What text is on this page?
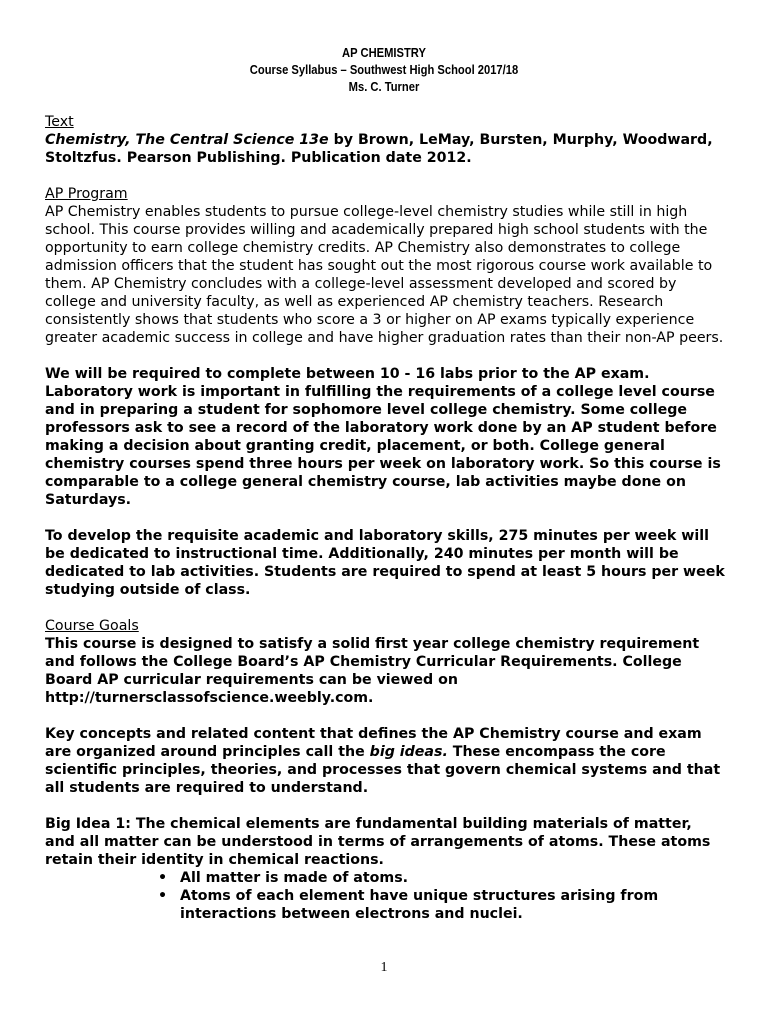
AP CHEMISTRY
Course Syllabus – Southwest High School 2017/18
Ms. C. Turner

Text

Chemistry, The Central Science 13e by Brown, LeMay, Bursten, Murphy, Woodward, Stoltzfus. Pearson Publishing. Publication date 2012.

AP Program

AP Chemistry enables students to pursue college-level chemistry studies while still in high school. This course provides willing and academically prepared high school students with the opportunity to earn college chemistry credits. AP Chemistry also demonstrates to college admission officers that the student has sought out the most rigorous course work available to them. AP Chemistry concludes with a college-level assessment developed and scored by college and university faculty, as well as experienced AP chemistry teachers. Research consistently shows that students who score a 3 or higher on AP exams typically experience greater academic success in college and have higher graduation rates than their non-AP peers.

We will be required to complete between 10 - 16 labs prior to the AP exam. Laboratory work is important in fulfilling the requirements of a college level course and in preparing a student for sophomore level college chemistry. Some college professors ask to see a record of the laboratory work done by an AP student before making a decision about granting credit, placement, or both. College general chemistry courses spend three hours per week on laboratory work. So this course is comparable to a college general chemistry course, lab activities maybe done on Saturdays.

To develop the requisite academic and laboratory skills, 275 minutes per week will be dedicated to instructional time. Additionally, 240 minutes per month will be dedicated to lab activities. Students are required to spend at least 5 hours per week studying outside of class.

Course Goals

This course is designed to satisfy a solid first year college chemistry requirement and follows the College Board’s AP Chemistry Curricular Requirements. College Board AP curricular requirements can be viewed on http://turnersclassofscience.weebly.com.

Key concepts and related content that defines the AP Chemistry course and exam are organized around principles call the big ideas. These encompass the core scientific principles, theories, and processes that govern chemical systems and that all students are required to understand.

Big Idea 1: The chemical elements are fundamental building materials of matter, and all matter can be understood in terms of arrangements of atoms. These atoms retain their identity in chemical reactions.

• All matter is made of atoms.
• Atoms of each element have unique structures arising from interactions between electrons and nuclei.
1
